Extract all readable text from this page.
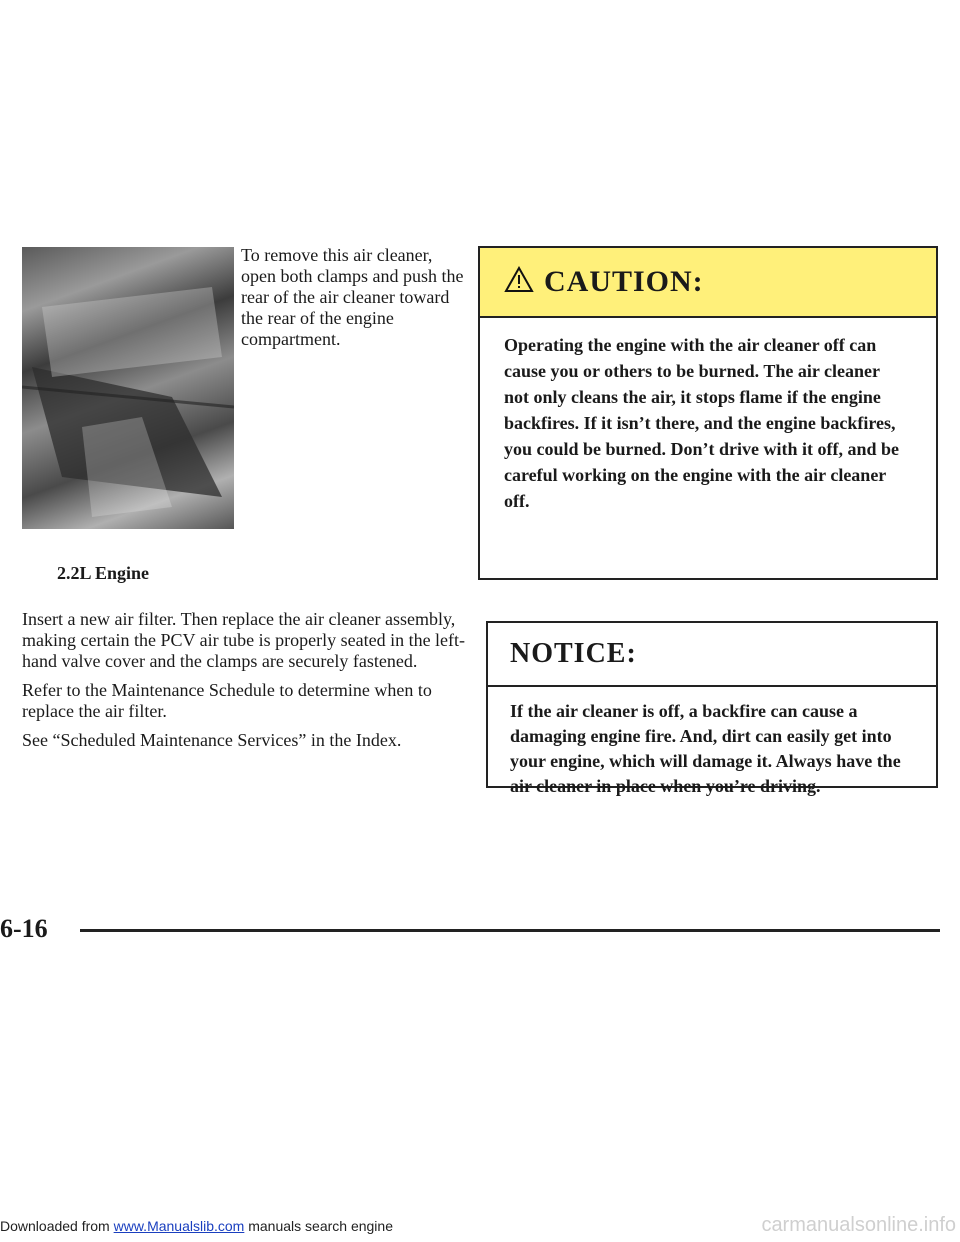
To remove this air cleaner, open both clamps and push the rear of the air cleaner toward the rear of the engine compartment.

2.2L Engine

Insert a new air filter. Then replace the air cleaner assembly, making certain the PCV air tube is properly seated in the left-hand valve cover and the clamps are securely fastened.

Refer to the Maintenance Schedule to determine when to replace the air filter.

See “Scheduled Maintenance Services” in the Index.

CAUTION:

Operating the engine with the air cleaner off can cause you or others to be burned. The air cleaner not only cleans the air, it stops flame if the engine backfires. If it isn’t there, and the engine backfires, you could be burned. Don’t drive with it off, and be careful working on the engine with the air cleaner off.

NOTICE:

If the air cleaner is off, a backfire can cause a damaging engine fire. And, dirt can easily get into your engine, which will damage it. Always have the air cleaner in place when you’re driving.

6-16
Downloaded from www.Manualslib.com manuals search engine	carmanualsonline.info
